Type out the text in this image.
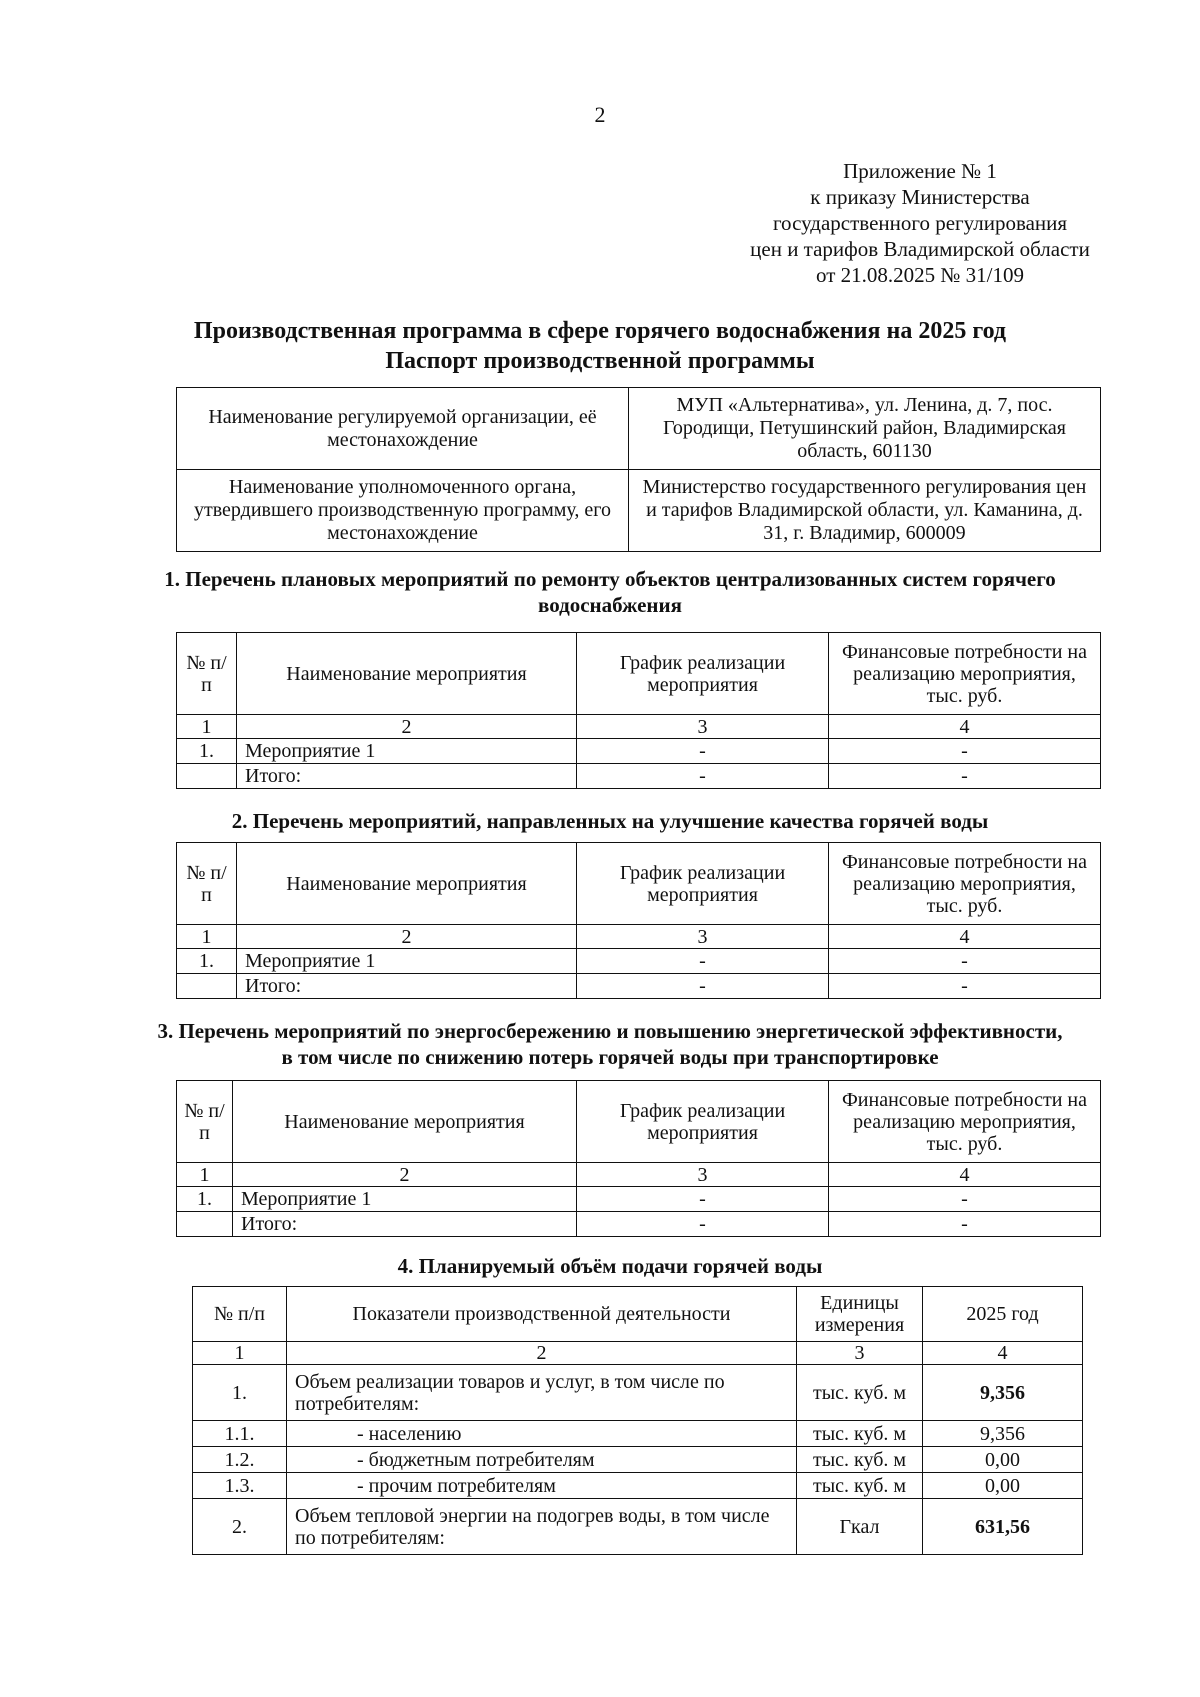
2
Приложение № 1
к приказу Министерства
государственного регулирования
цен и тарифов Владимирской области
от 21.08.2025 № 31/109
Производственная программа в сфере горячего водоснабжения на 2025 год
Паспорт производственной программы
Наименование регулируемой организации, её местонахождение	МУП «Альтернатива», ул. Ленина, д. 7, пос. Городищи, Петушинский район, Владимирская область, 601130
Наименование уполномоченного органа, утвердившего производственную программу, его местонахождение	Министерство государственного регулирования цен и тарифов Владимирской области, ул. Каманина, д. 31, г. Владимир, 600009
1. Перечень плановых мероприятий по ремонту объектов централизованных систем горячего водоснабжения
№ п/п	Наименование мероприятия	График реализации мероприятия	Финансовые потребности на реализацию мероприятия, тыс. руб.
1	2	3	4
1.	Мероприятие 1	-	-
	Итого:	-	-
2. Перечень мероприятий, направленных на улучшение качества горячей воды
№ п/п	Наименование мероприятия	График реализации мероприятия	Финансовые потребности на реализацию мероприятия, тыс. руб.
1	2	3	4
1.	Мероприятие 1	-	-
	Итого:	-	-
3. Перечень мероприятий по энергосбережению и повышению энергетической эффективности, в том числе по снижению потерь горячей воды при транспортировке
№ п/п	Наименование мероприятия	График реализации мероприятия	Финансовые потребности на реализацию мероприятия, тыс. руб.
1	2	3	4
1.	Мероприятие 1	-	-
	Итого:	-	-
4. Планируемый объём подачи горячей воды
№ п/п	Показатели производственной деятельности	Единицы измерения	2025 год
1	2	3	4
1.	Объем реализации товаров и услуг, в том числе по потребителям:	тыс. куб. м	9,356
1.1.	- населению	тыс. куб. м	9,356
1.2.	- бюджетным потребителям	тыс. куб. м	0,00
1.3.	- прочим потребителям	тыс. куб. м	0,00
2.	Объем тепловой энергии на подогрев воды, в том числе по потребителям:	Гкал	631,56
